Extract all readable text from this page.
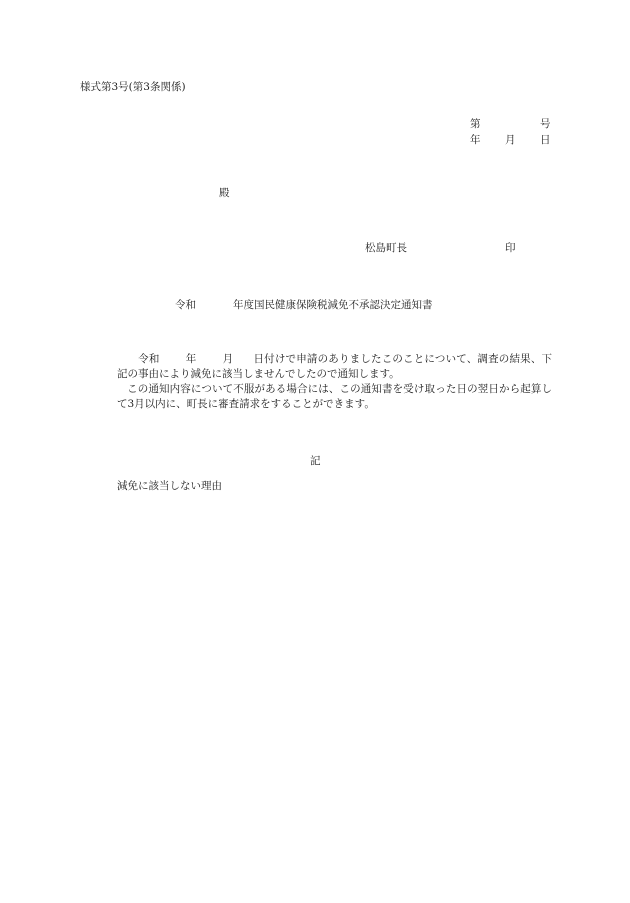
様式第3号(第3条関係)
第	号
年 月 日
殿
松島町長	印
令和	年度国民健康保険税減免不承認決定通知書
令和 年 月 日付けで申請のありましたこのことについて、調査の結果、下記の事由により減免に該当しませんでしたので通知します。
この通知内容について不服がある場合には、この通知書を受け取った日の翌日から起算して3月以内に、町長に審査請求をすることができます。
記
減免に該当しない理由
